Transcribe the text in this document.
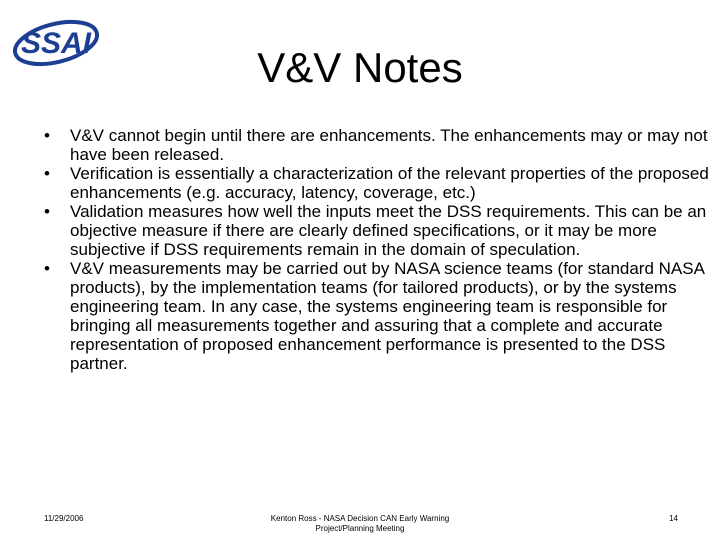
SSAI
V&V Notes
• V&V cannot begin until there are enhancements. The enhancements may or may not have been released.
• Verification is essentially a characterization of the relevant properties of the proposed enhancements (e.g. accuracy, latency, coverage, etc.)
• Validation measures how well the inputs meet the DSS requirements. This can be an objective measure if there are clearly defined specifications, or it may be more subjective if DSS requirements remain in the domain of speculation.
• V&V measurements may be carried out by NASA science teams (for standard NASA products), by the implementation teams (for tailored products), or by the systems engineering team. In any case, the systems engineering team is responsible for bringing all measurements together and assuring that a complete and accurate representation of proposed enhancement performance is presented to the DSS partner.
11/29/2006	Kenton Ross - NASA Decision CAN Early Warning
Project/Planning Meeting
14
